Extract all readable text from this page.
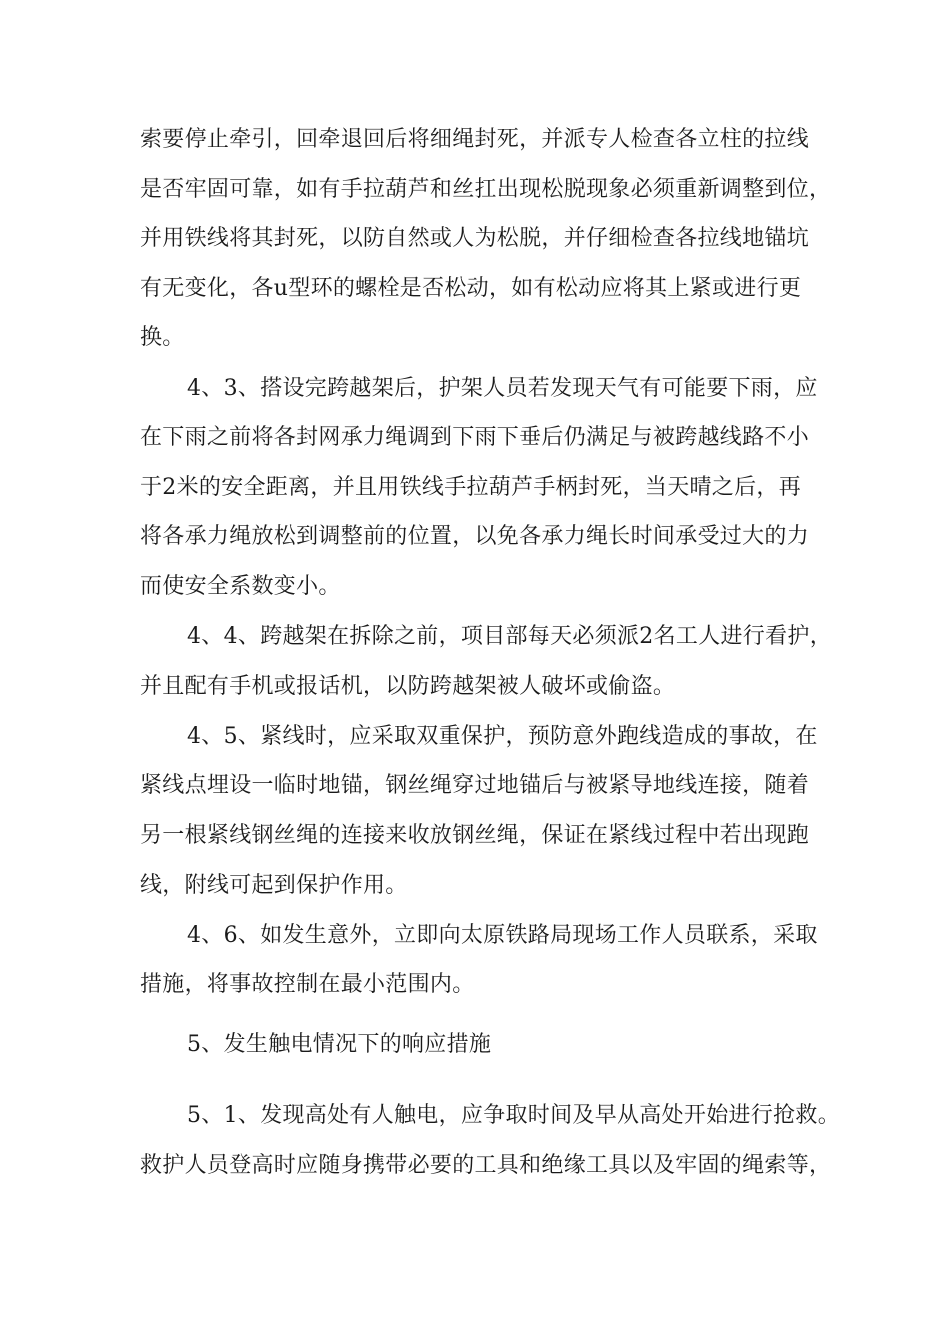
索要停止牵引，回牵退回后将细绳封死，并派专人检查各立柱的拉线
是否牢固可靠，如有手拉葫芦和丝扛出现松脱现象必须重新调整到位，
并用铁线将其封死，以防自然或人为松脱，并仔细检查各拉线地锚坑
有无变化，各u型环的螺栓是否松动，如有松动应将其上紧或进行更
换。
4、3、搭设完跨越架后，护架人员若发现天气有可能要下雨，应
在下雨之前将各封网承力绳调到下雨下垂后仍满足与被跨越线路不小
于2米的安全距离，并且用铁线手拉葫芦手柄封死，当天晴之后，再
将各承力绳放松到调整前的位置，以免各承力绳长时间承受过大的力
而使安全系数变小。
4、4、跨越架在拆除之前，项目部每天必须派2名工人进行看护，
并且配有手机或报话机，以防跨越架被人破坏或偷盗。
4、5、紧线时，应采取双重保护，预防意外跑线造成的事故，在
紧线点埋设一临时地锚，钢丝绳穿过地锚后与被紧导地线连接，随着
另一根紧线钢丝绳的连接来收放钢丝绳，保证在紧线过程中若出现跑
线，附线可起到保护作用。
4、6、如发生意外，立即向太原铁路局现场工作人员联系，采取
措施，将事故控制在最小范围内。
5、发生触电情况下的响应措施
5、1、发现高处有人触电，应争取时间及早从高处开始进行抢救。
救护人员登高时应随身携带必要的工具和绝缘工具以及牢固的绳索等，
